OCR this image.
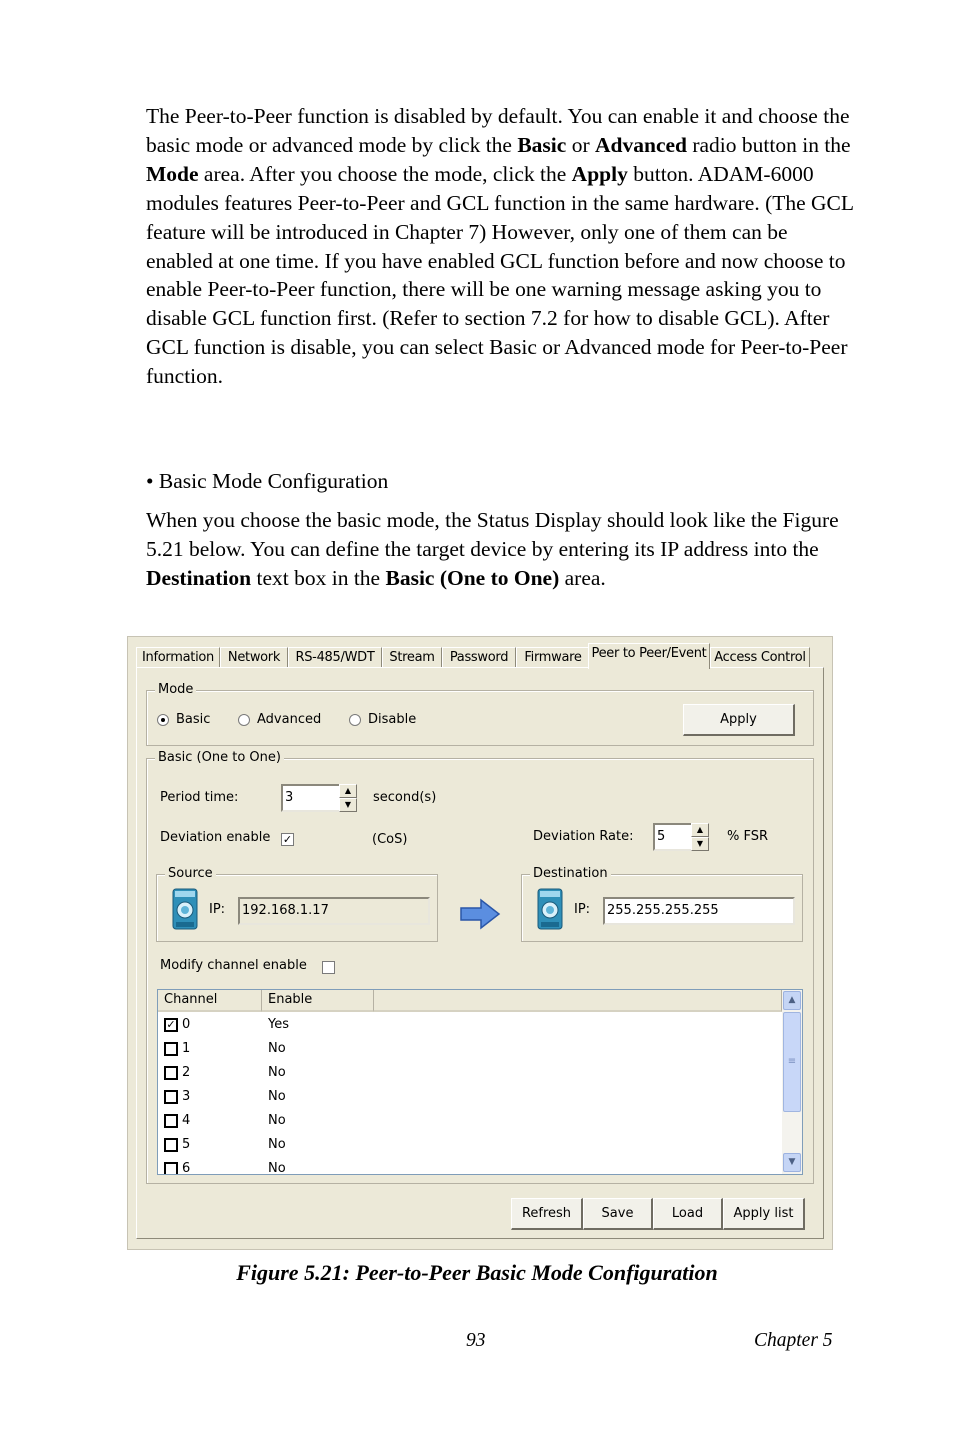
The Peer-to-Peer function is disabled by default. You can enable it and choose the basic mode or advanced mode by click the Basic or Advanced radio button in the Mode area. After you choose the mode, click the Apply button. ADAM-6000 modules features Peer-to-Peer and GCL function in the same hardware. (The GCL feature will be introduced in Chapter 7) However, only one of them can be enabled at one time. If you have enabled GCL function before and now choose to enable Peer-to-Peer function, there will be one warning message asking you to disable GCL function first. (Refer to section 7.2 for how to disable GCL). After GCL function is disable, you can select Basic or Advanced mode for Peer-to-Peer function.

• Basic Mode Configuration

When you choose the basic mode, the Status Display should look like the Figure 5.21 below. You can define the target device by entering its IP address into the Destination text box in the Basic (One to One) area.

Information	Network	RS-485/WDT	Stream	Password	Firmware Peer to Peer/Event Access Control
Mode
Basic	Advanced	Disable	Apply
Basic (One to One)
Period time:	3	▲
▼	second(s)
Deviation enable ✓	(CoS)	Deviation Rate:	5	▲
▼	% FSR
Source
IP:	192.168.1.17
Destination
IP:	255.255.255.255
Modify channel enable
Channel	Enable
✓ 0	Yes
1	No
2	No
3	No
4	No
5	No
6	No
▲
≡
▼
Refresh	Save	Load	Apply list
Figure 5.21: Peer-to-Peer Basic Mode Configuration
93	Chapter 5
